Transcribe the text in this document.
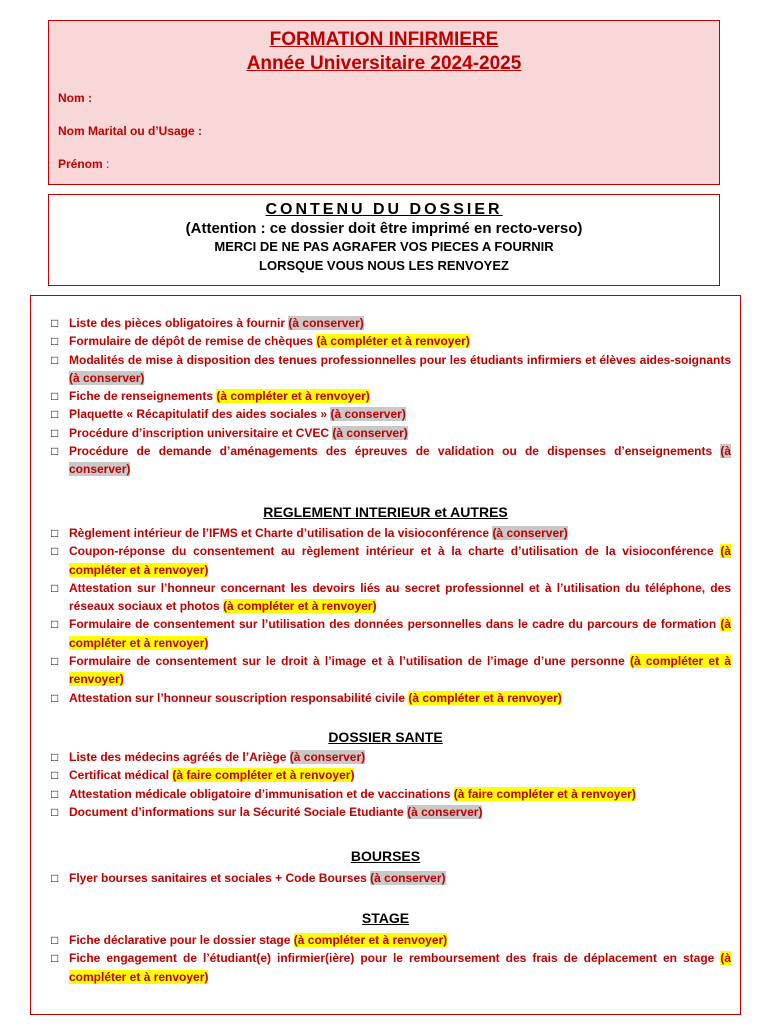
FORMATION INFIRMIERE
Année Universitaire 2024-2025
Nom :
Nom Marital ou d’Usage :
Prénom :
CONTENU DU DOSSIER
(Attention : ce dossier doit être imprimé en recto-verso)
MERCI DE NE PAS AGRAFER VOS PIECES A FOURNIR
LORSQUE VOUS NOUS LES RENVOYEZ
□ Liste des pièces obligatoires à fournir (à conserver)
□ Formulaire de dépôt de remise de chèques (à compléter et à renvoyer)
□ Modalités de mise à disposition des tenues professionnelles pour les étudiants infirmiers et élèves aides-soignants (à conserver)
□ Fiche de renseignements (à compléter et à renvoyer)
□ Plaquette « Récapitulatif des aides sociales » (à conserver)
□ Procédure d’inscription universitaire et CVEC (à conserver)
□ Procédure de demande d’aménagements des épreuves de validation ou de dispenses d’enseignements (à conserver)
REGLEMENT INTERIEUR et AUTRES
□ Règlement intérieur de l’IFMS et Charte d’utilisation de la visioconférence (à conserver)
□ Coupon-réponse du consentement au règlement intérieur et à la charte d’utilisation de la visioconférence (à compléter et à renvoyer)
□ Attestation sur l’honneur concernant les devoirs liés au secret professionnel et à l’utilisation du téléphone, des réseaux sociaux et photos (à compléter et à renvoyer)
□ Formulaire de consentement sur l’utilisation des données personnelles dans le cadre du parcours de formation (à compléter et à renvoyer)
□ Formulaire de consentement sur le droit à l’image et à l’utilisation de l’image d’une personne (à compléter et à renvoyer)
□ Attestation sur l’honneur souscription responsabilité civile (à compléter et à renvoyer)
DOSSIER SANTE
□ Liste des médecins agréés de l’Ariège (à conserver)
□ Certificat médical (à faire compléter et à renvoyer)
□ Attestation médicale obligatoire d’immunisation et de vaccinations (à faire compléter et à renvoyer)
□ Document d’informations sur la Sécurité Sociale Etudiante (à conserver)
BOURSES
□ Flyer bourses sanitaires et sociales + Code Bourses (à conserver)
STAGE
□ Fiche déclarative pour le dossier stage (à compléter et à renvoyer)
□ Fiche engagement de l’étudiant(e) infirmier(ière) pour le remboursement des frais de déplacement en stage (à compléter et à renvoyer)
